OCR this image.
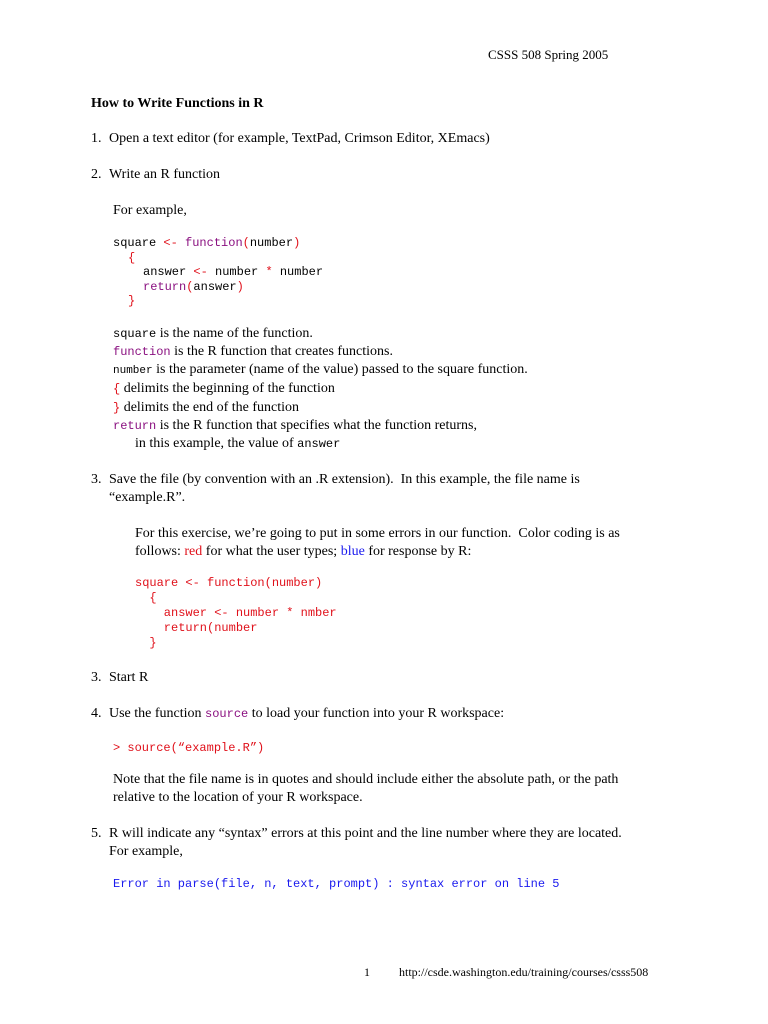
CSSS 508 Spring 2005
How to Write Functions in R
1. Open a text editor (for example, TextPad, Crimson Editor, XEmacs)
2. Write an R function
For example,
square <- function(number)
{
answer <- number * number
return(answer)
}
square is the name of the function.
function is the R function that creates functions.
number is the parameter (name of the value) passed to the square function.
{ delimits the beginning of the function
} delimits the end of the function
return is the R function that specifies what the function returns,
in this example, the value of answer
3. Save the file (by convention with an .R extension).  In this example, the file name is
“example.R”.
For this exercise, we’re going to put in some errors in our function.  Color coding is as
follows: red for what the user types; blue for response by R:
square <- function(number)
{
answer <- number * nmber
return(number
}
3. Start R
4. Use the function source to load your function into your R workspace:
> source(“example.R”)
Note that the file name is in quotes and should include either the absolute path, or the path
relative to the location of your R workspace.
5. R will indicate any “syntax” errors at this point and the line number where they are located.
For example,
Error in parse(file, n, text, prompt) : syntax error on line 5
1 http://csde.washington.edu/training/courses/csss508
